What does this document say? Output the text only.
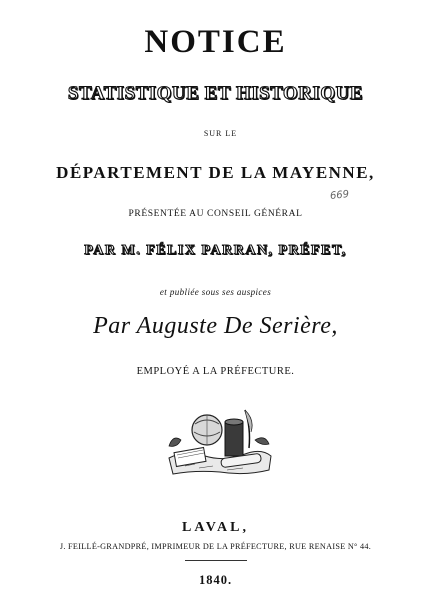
NOTICE
STATISTIQUE ET HISTORIQUE
SUR LE
DÉPARTEMENT DE LA MAYENNE,
669
PRÉSENTÉE AU CONSEIL GÉNÉRAL
PAR M. FÉLIX PARRAN, PRÉFET,
et publiée sous ses auspices
Par Auguste De Serière,
EMPLOYÉ A LA PRÉFECTURE.
LAVAL,
J. FEILLÉ-GRANDPRÉ, IMPRIMEUR DE LA PRÉFECTURE, RUE RENAISE N° 44.
1840.
